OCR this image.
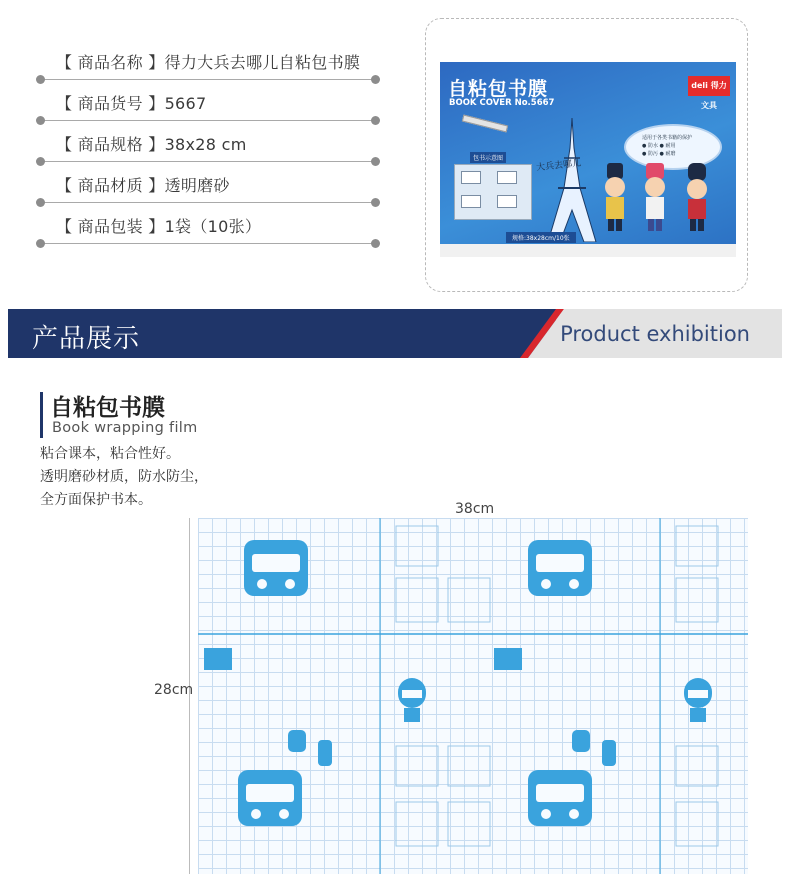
【 商品名称 】得力大兵去哪儿自粘包书膜
【 商品货号 】5667
【 商品规格 】38x28 cm
【 商品材质 】透明磨砂
【 商品包装 】1袋（10张）
自粘包书膜
BOOK COVER No.5667
deli 得力文具
包书示意图
大兵去哪儿

适用于各类书籍的保护
● 防水 ● 耐用
● 防污 ● 耐磨

规格:38x28cm/10张
产品展示	Product exhibition
自粘包书膜
Book wrapping film
粘合课本，粘合性好。
透明磨砂材质，防水防尘，
全方面保护书本。
38cm
28cm
